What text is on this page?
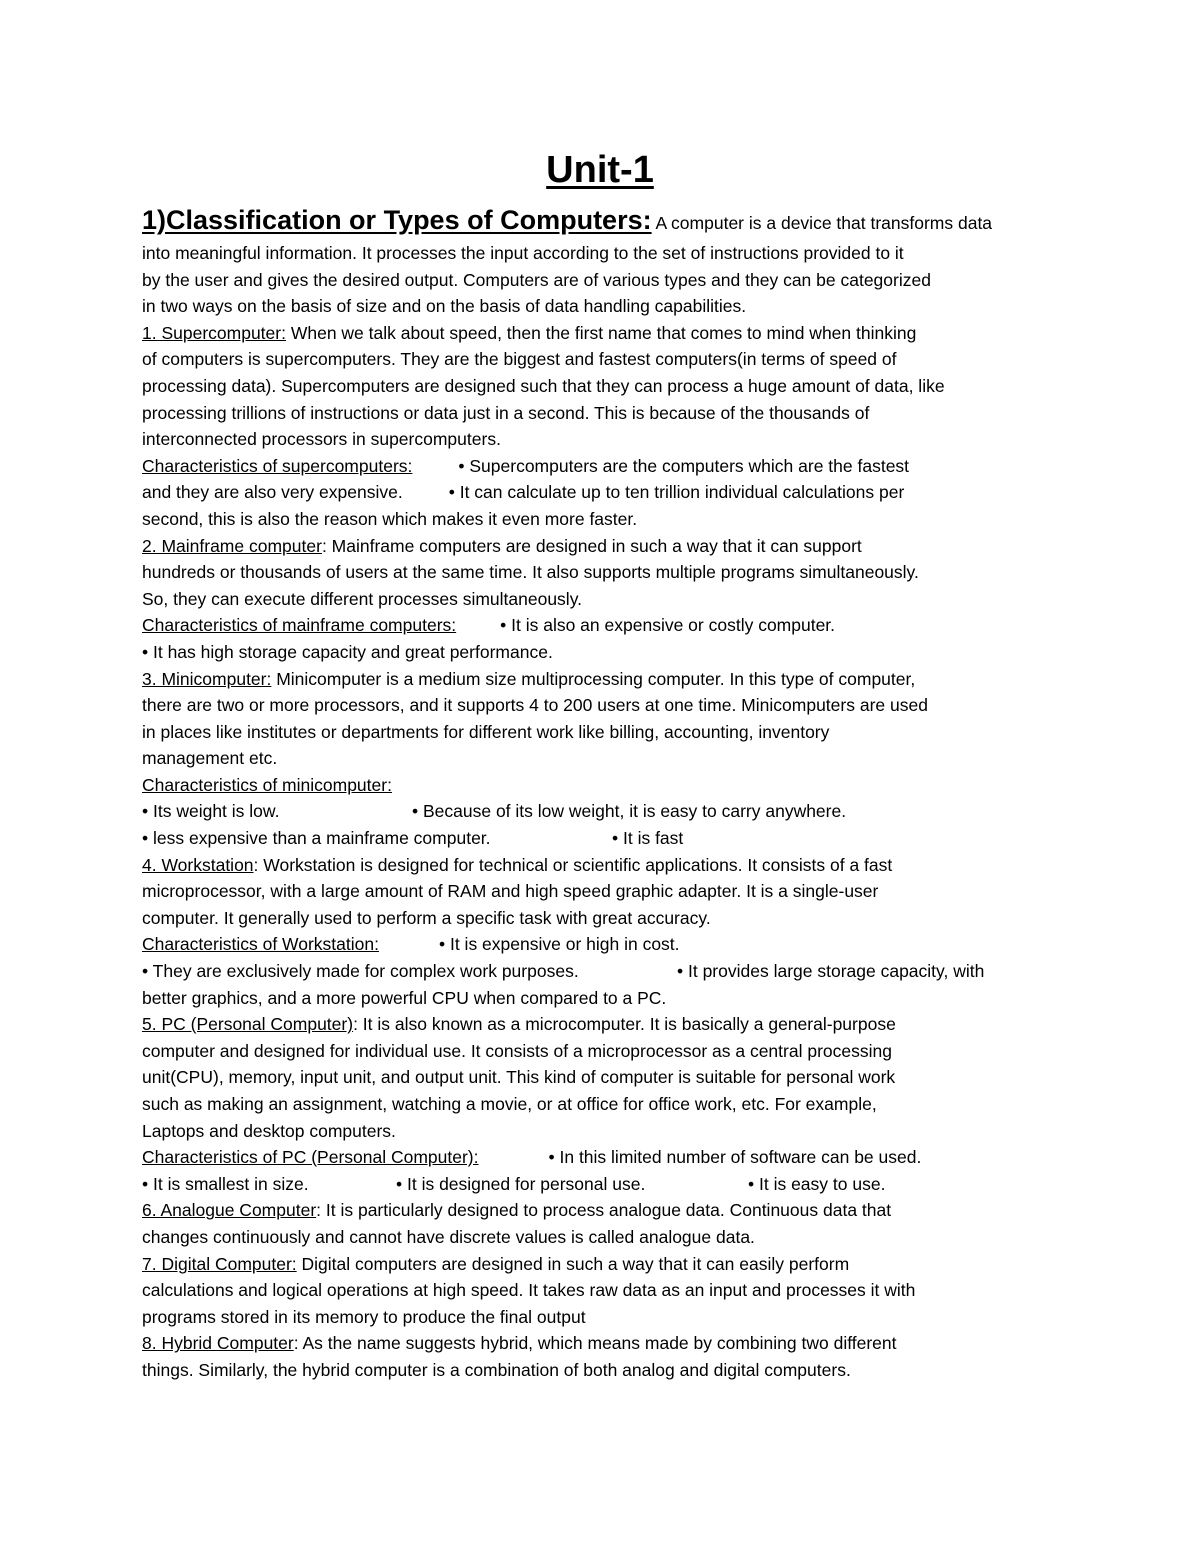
Unit-1
1)Classification or Types of Computers: A computer is a device that transforms data
into meaningful information. It processes the input according to the set of instructions provided to it
by the user and gives the desired output. Computers are of various types and they can be categorized
in two ways on the basis of size and on the basis of data handling capabilities.
1. Supercomputer: When we talk about speed, then the first name that comes to mind when thinking
of computers is supercomputers. They are the biggest and fastest computers(in terms of speed of
processing data). Supercomputers are designed such that they can process a huge amount of data, like
processing trillions of instructions or data just in a second. This is because of the thousands of
interconnected processors in supercomputers.
Characteristics of supercomputers:	• Supercomputers are the computers which are the fastest
and they are also very expensive.	• It can calculate up to ten trillion individual calculations per
second, this is also the reason which makes it even more faster.
2. Mainframe computer: Mainframe computers are designed in such a way that it can support
hundreds or thousands of users at the same time. It also supports multiple programs simultaneously.
So, they can execute different processes simultaneously.
Characteristics of mainframe computers:	• It is also an expensive or costly computer.
• It has high storage capacity and great performance.
3. Minicomputer: Minicomputer is a medium size multiprocessing computer. In this type of computer,
there are two or more processors, and it supports 4 to 200 users at one time. Minicomputers are used
in places like institutes or departments for different work like billing, accounting, inventory
management etc.
Characteristics of minicomputer:
• Its weight is low.	• Because of its low weight, it is easy to carry anywhere.
• less expensive than a mainframe computer.	• It is fast
4. Workstation: Workstation is designed for technical or scientific applications. It consists of a fast
microprocessor, with a large amount of RAM and high speed graphic adapter. It is a single-user
computer. It generally used to perform a specific task with great accuracy.
Characteristics of Workstation:	• It is expensive or high in cost.
• They are exclusively made for complex work purposes.	• It provides large storage capacity, with
better graphics, and a more powerful CPU when compared to a PC.
5. PC (Personal Computer): It is also known as a microcomputer. It is basically a general-purpose
computer and designed for individual use. It consists of a microprocessor as a central processing
unit(CPU), memory, input unit, and output unit. This kind of computer is suitable for personal work
such as making an assignment, watching a movie, or at office for office work, etc. For example,
Laptops and desktop computers.
Characteristics of PC (Personal Computer):	• In this limited number of software can be used.
• It is smallest in size.	• It is designed for personal use.	• It is easy to use.
6. Analogue Computer: It is particularly designed to process analogue data. Continuous data that
changes continuously and cannot have discrete values is called analogue data.
7. Digital Computer: Digital computers are designed in such a way that it can easily perform
calculations and logical operations at high speed. It takes raw data as an input and processes it with
programs stored in its memory to produce the final output
8. Hybrid Computer: As the name suggests hybrid, which means made by combining two different
things. Similarly, the hybrid computer is a combination of both analog and digital computers.
